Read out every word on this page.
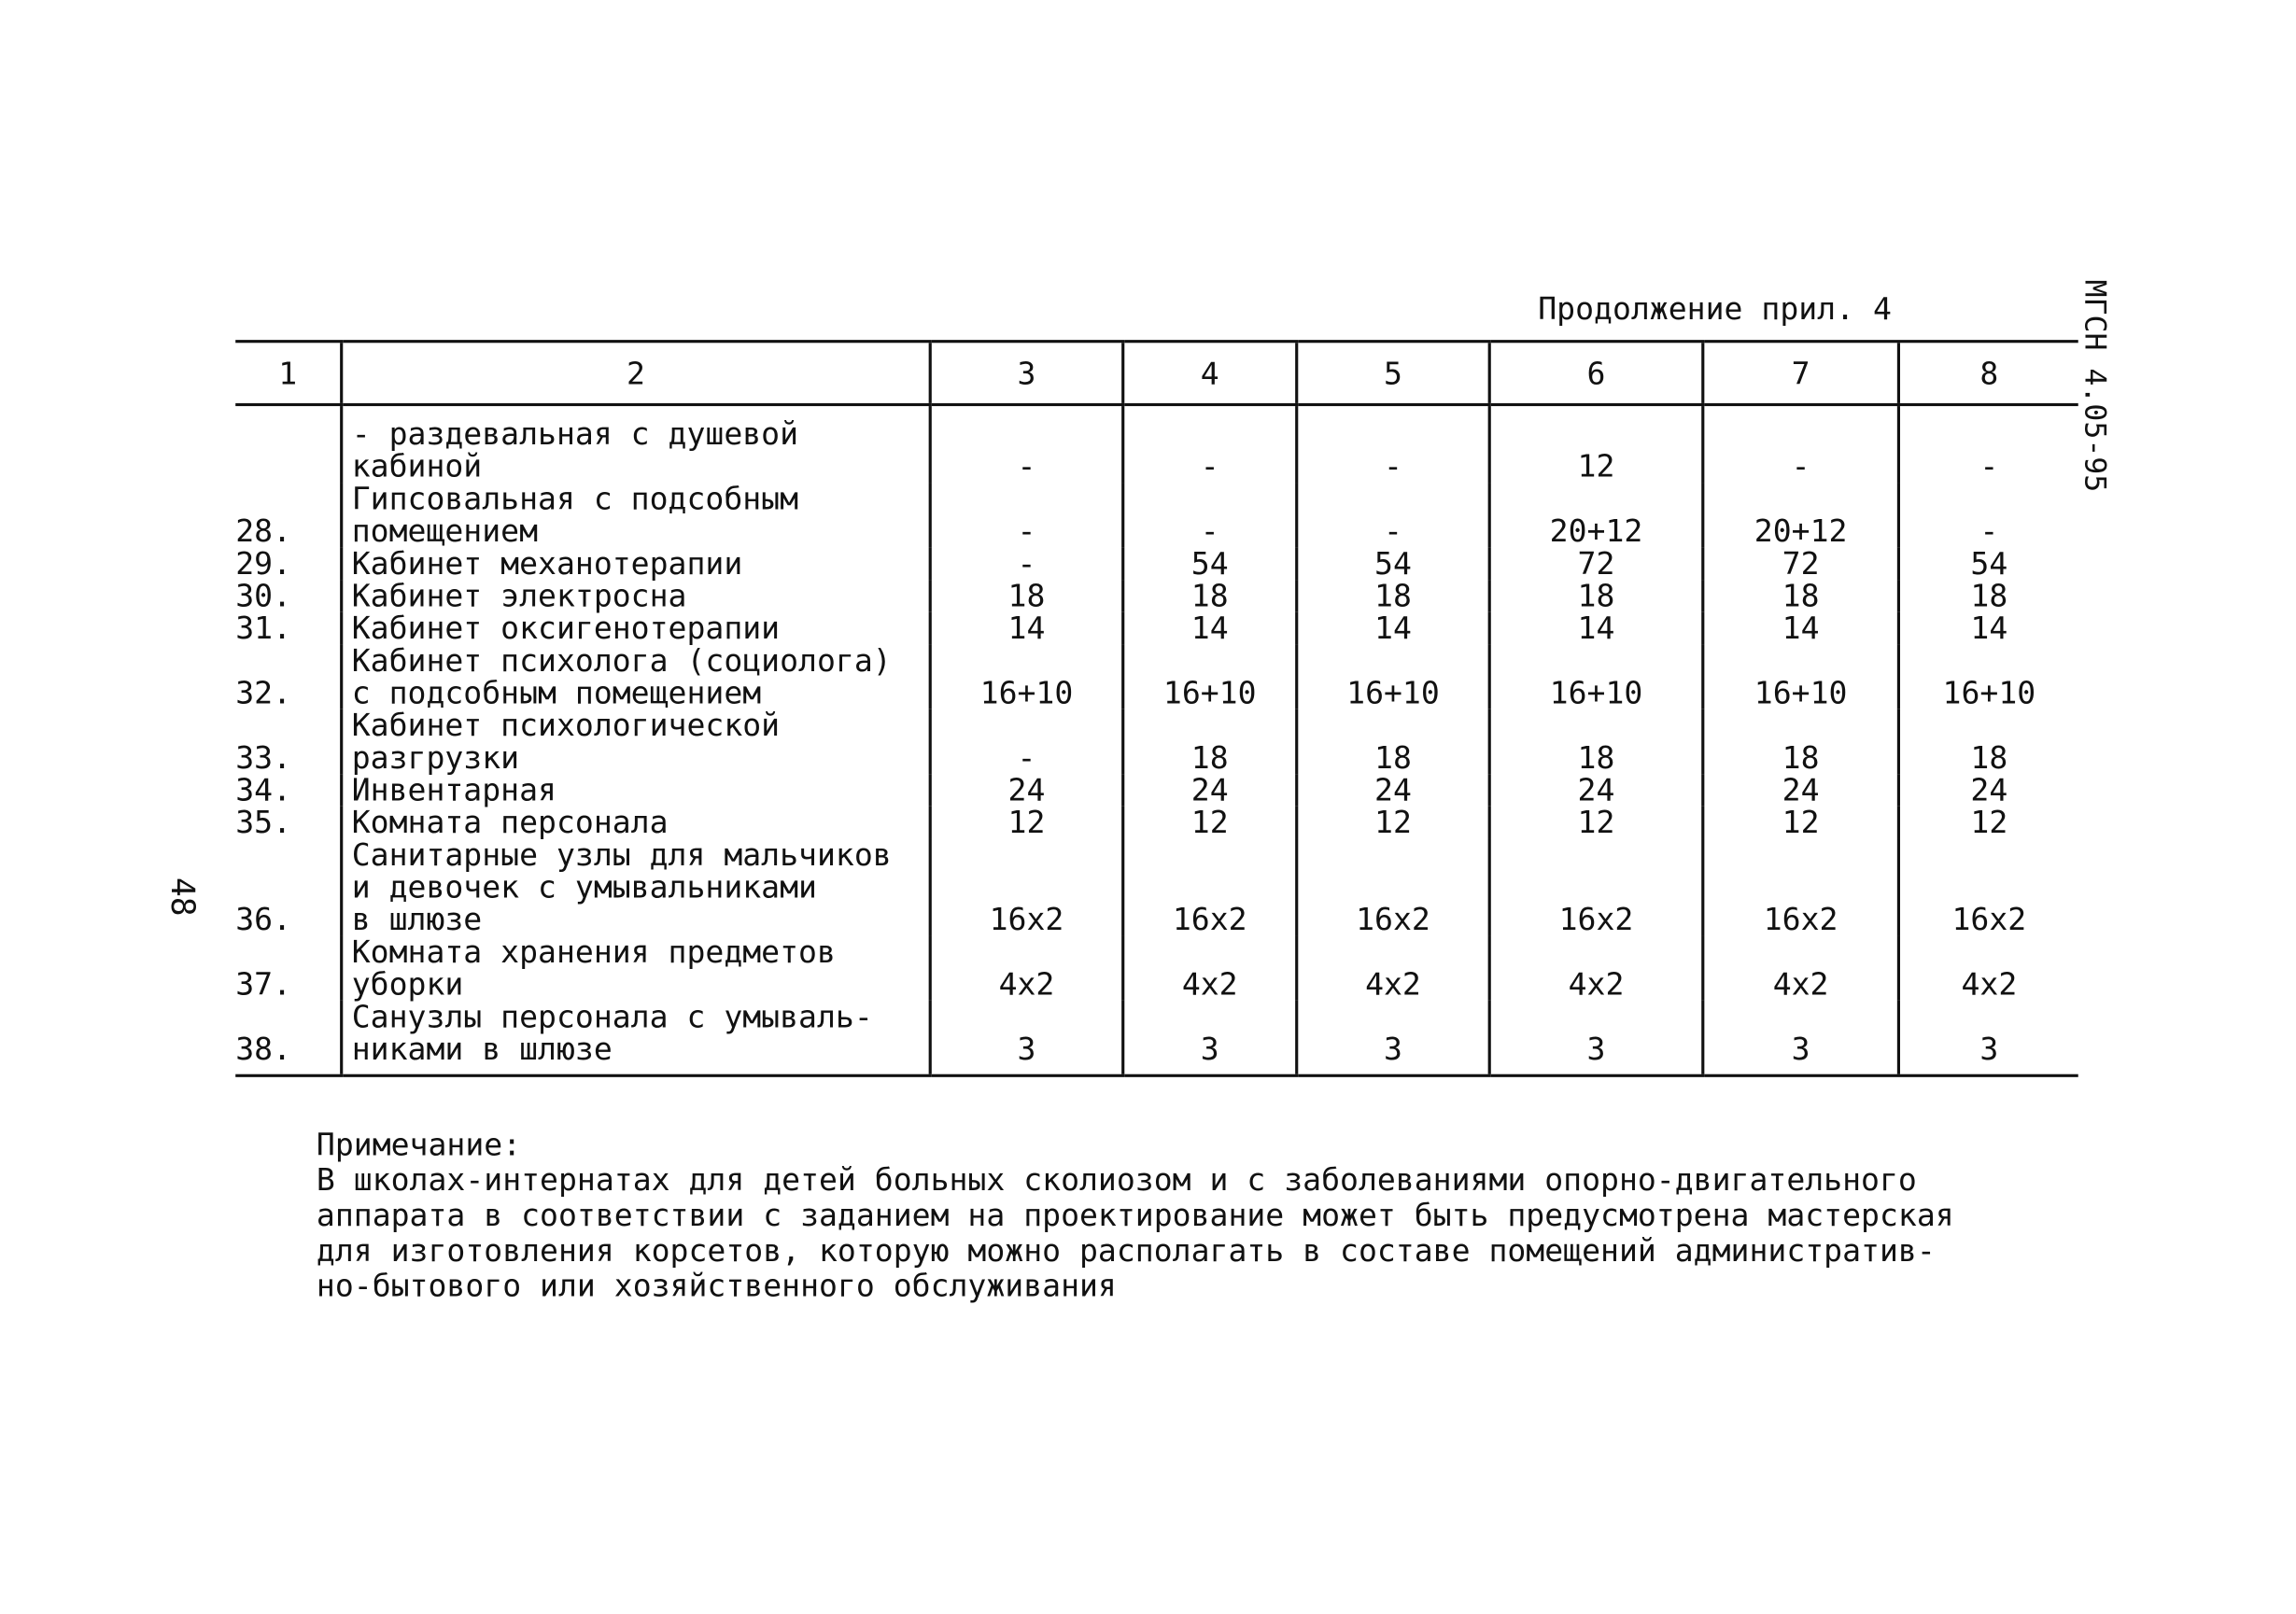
Продолжение прил. 4	МГСН 4.05-95
48
1	2	3	4	5	6	7	8
	- раздевальная с душевой
кабиной	-	-	-	12	-	-
28.	Гипсовальная с подсобным
помещением	-	-	-	20+12	20+12	-
29.	Кабинет механотерапии	-	54	54	72	72	54
30.	Кабинет электросна	18	18	18	18	18	18
31.	Кабинет оксигенотерапии	14	14	14	14	14	14
32.	Кабинет психолога (социолога)
с подсобным помещением	16+10	16+10	16+10	16+10	16+10	16+10
33.	Кабинет психологической
разгрузки	-	18	18	18	18	18
34.	Инвентарная	24	24	24	24	24	24
35.	Комната персонала	12	12	12	12	12	12
36.	Санитарные узлы для мальчиков
и девочек с умывальниками
в шлюзе	16x2	16x2	16x2	16x2	16x2	16x2
37.	Комната хранения предметов
уборки	4x2	4x2	4x2	4x2	4x2	4x2
38.	Санузлы персонала с умываль-
никами в шлюзе	3	3	3	3	3	3
Примечание:
В школах-интернатах для детей больных сколиозом и с заболеваниями опорно-двигательного
аппарата в соответствии с заданием на проектирование может быть предусмотрена мастерская
для изготовления корсетов, которую можно располагать в составе помещений административ-
но-бытового или хозяйственного обслуживания
